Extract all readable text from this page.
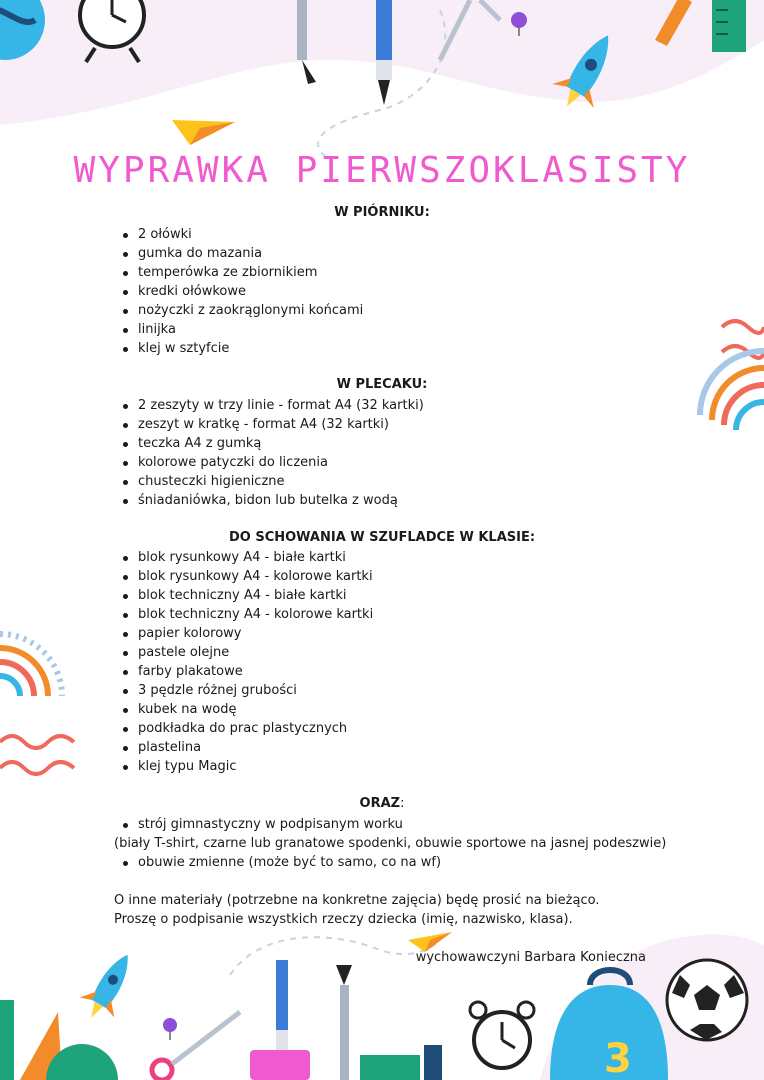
3
WYPRAWKA PIERWSZOKLASISTY
W PIÓRNIKU:
2 ołówki
gumka do mazania
temperówka ze zbiornikiem
kredki ołówkowe
nożyczki z zaokrąglonymi końcami
linijka
klej w sztyfcie
W PLECAKU:
2 zeszyty w trzy linie - format A4 (32 kartki)
zeszyt w kratkę - format A4 (32 kartki)
teczka A4 z gumką
kolorowe patyczki do liczenia
chusteczki higieniczne
śniadaniówka, bidon lub butelka z wodą
DO SCHOWANIA W SZUFLADCE W KLASIE:
blok rysunkowy A4 - białe kartki
blok rysunkowy A4 - kolorowe kartki
blok techniczny A4 - białe kartki
blok techniczny A4 - kolorowe kartki
papier kolorowy
pastele olejne
farby plakatowe
3 pędzle różnej grubości
kubek na wodę
podkładka do prac plastycznych
plastelina
klej typu Magic
ORAZ:
strój gimnastyczny w podpisanym worku

(biały T-shirt, czarne lub granatowe spodenki, obuwie sportowe na jasnej podeszwie)

obuwie zmienne (może być to samo, co na wf)

O inne materiały (potrzebne na konkretne zajęcia) będę prosić na bieżąco.

Proszę o podpisanie wszystkich rzeczy dziecka (imię, nazwisko, klasa).

wychowawczyni Barbara Konieczna
